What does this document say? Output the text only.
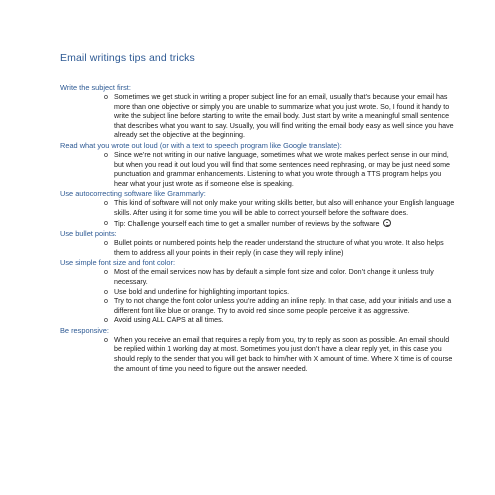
Email writings tips and tricks
Write the subject first:
o Sometimes we get stuck in writing a proper subject line for an email, usually that’s because your email has more than one objective or simply you are unable to summarize what you just wrote. So, I found it handy to write the subject line before starting to write the email body. Just start by write a meaningful small sentence that describes what you want to say. Usually, you will find writing the email body easy as well since you have already set the objective at the beginning.
Read what you wrote out loud (or with a text to speech program like Google translate):
o Since we’re not writing in our native language, sometimes what we wrote makes perfect sense in our mind, but when you read it out loud you will find that some sentences need rephrasing, or may be just need some punctuation and grammar enhancements. Listening to what you wrote through a TTS program helps you hear what your just wrote as if someone else is speaking.
Use autocorrecting software like Grammarly:
o This kind of software will not only make your writing skills better, but also will enhance your English language skills. After using it for some time you will be able to correct yourself before the software does.
o Tip: Challenge yourself each time to get a smaller number of reviews by the software
Use bullet points:
o Bullet points or numbered points help the reader understand the structure of what you wrote. It also helps them to address all your points in their reply (in case they will reply inline)
Use simple font size and font color:
o Most of the email services now has by default a simple font size and color. Don’t change it unless truly necessary.
o Use bold and underline for highlighting important topics.
o Try to not change the font color unless you’re adding an inline reply. In that case, add your initials and use a different font like blue or orange. Try to avoid red since some people perceive it as aggressive.
o Avoid using ALL CAPS at all times.
Be responsive:
o When you receive an email that requires a reply from you, try to reply as soon as possible. An email should be replied within 1 working day at most. Sometimes you just don’t have a clear reply yet, in this case you should reply to the sender that you will get back to him/her with X amount of time. Where X time is of course the amount of time you need to figure out the answer needed.
